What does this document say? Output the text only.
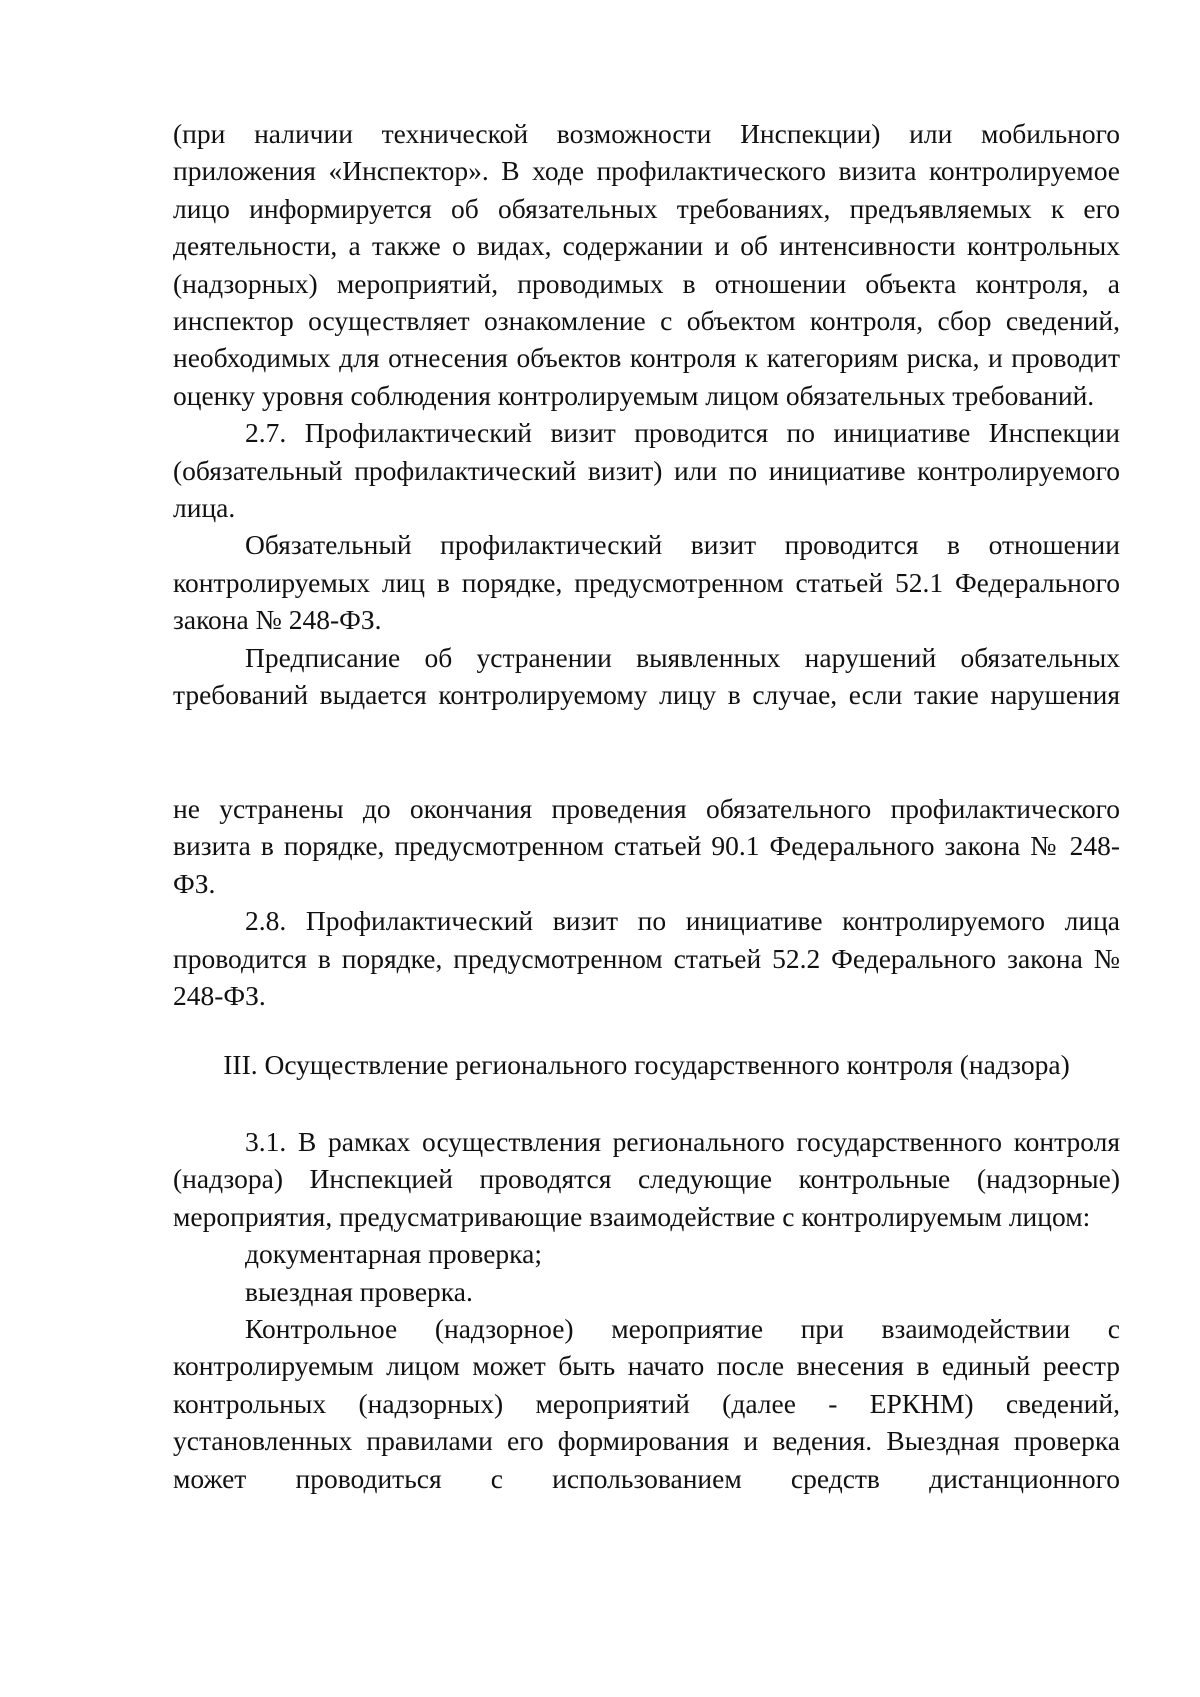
(при наличии технической возможности Инспекции) или мобильного приложения «Инспектор». В ходе профилактического визита контролируемое лицо информируется об обязательных требованиях, предъявляемых к его деятельности, а также о видах, содержании и об интенсивности контрольных (надзорных) мероприятий, проводимых в отношении объекта контроля, а инспектор осуществляет ознакомление с объектом контроля, сбор сведений, необходимых для отнесения объектов контроля к категориям риска, и проводит оценку уровня соблюдения контролируемым лицом обязательных требований.

2.7. Профилактический визит проводится по инициативе Инспекции (обязательный профилактический визит) или по инициативе контролируемого лица.

Обязательный профилактический визит проводится в отношении контролируемых лиц в порядке, предусмотренном статьей 52.1 Федерального закона № 248-ФЗ.

Предписание об устранении выявленных нарушений обязательных требований выдается контролируемому лицу в случае, если такие нарушения

не устранены до окончания проведения обязательного профилактического визита в порядке, предусмотренном статьей 90.1 Федерального закона № 248-ФЗ.

2.8. Профилактический визит по инициативе контролируемого лица проводится в порядке, предусмотренном статьей 52.2 Федерального закона № 248-ФЗ.

III. Осуществление регионального государственного контроля (надзора)

3.1. В рамках осуществления регионального государственного контроля (надзора) Инспекцией проводятся следующие контрольные (надзорные) мероприятия, предусматривающие взаимодействие с контролируемым лицом:

документарная проверка;

выездная проверка.

Контрольное (надзорное) мероприятие при взаимодействии с контролируемым лицом может быть начато после внесения в единый реестр контрольных (надзорных) мероприятий (далее - ЕРКНМ) сведений, установленных правилами его формирования и ведения. Выездная проверка может проводиться с использованием средств дистанционного
